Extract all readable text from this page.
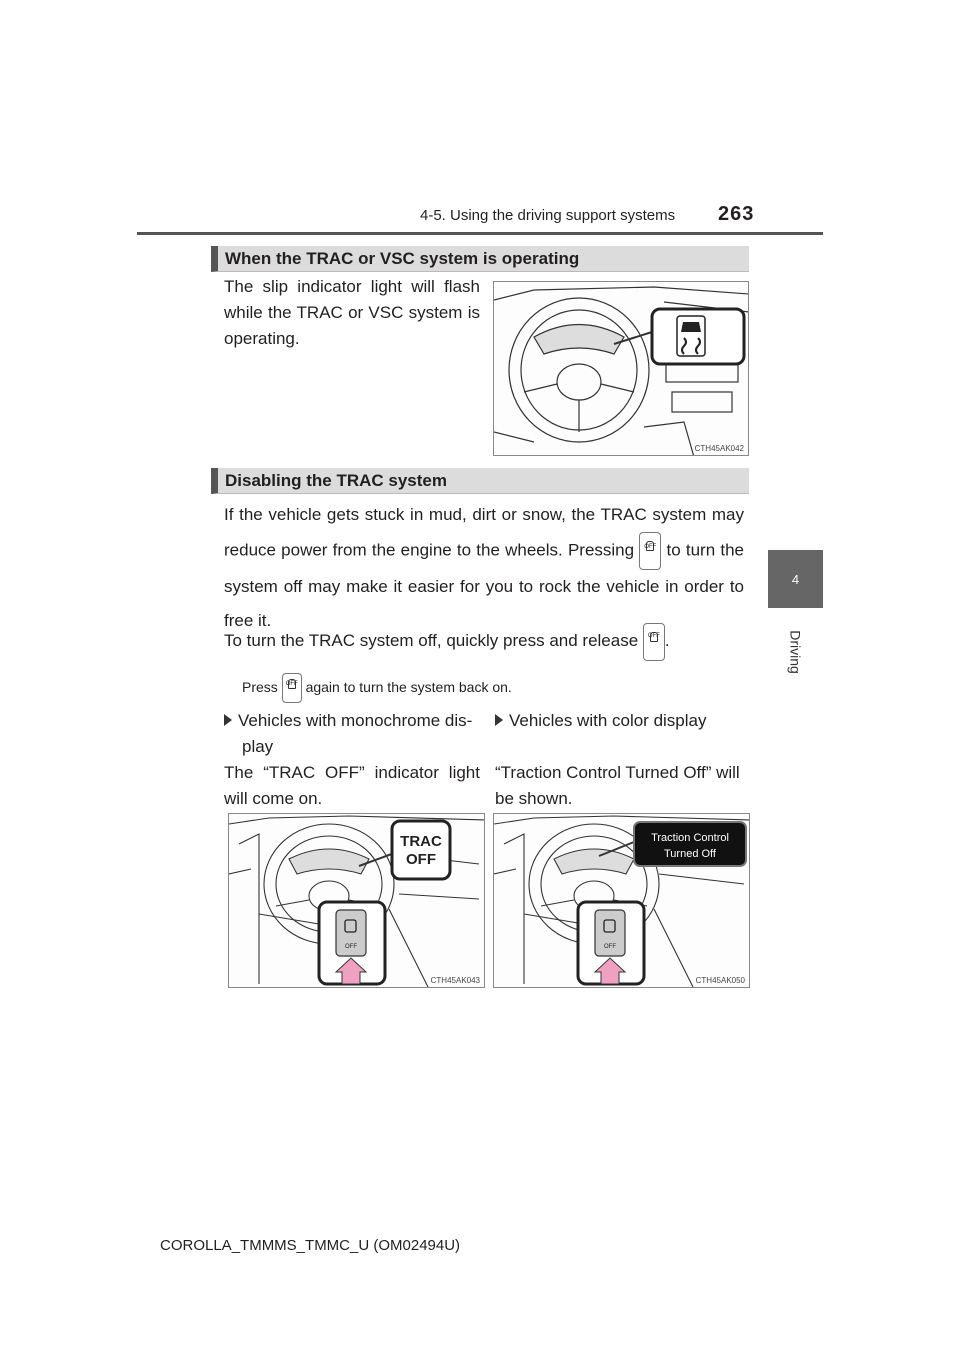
4-5. Using the driving support systems 263
4
Driving
When the TRAC or VSC system is operating
The slip indicator light will flash while the TRAC or VSC system is operating.
CTH45AK042
Disabling the TRAC system
If the vehicle gets stuck in mud, dirt or snow, the TRAC system may reduce power from the engine to the wheels. Pressing	OFF to turn the system off may make it easier for you to rock the vehicle in order to free it.
To turn the TRAC system off, quickly press and release	OFF .
Press	OFF again to turn the system back on.
Vehicles with monochrome dis-
play
The “TRAC OFF” indicator light will come on.
Vehicles with color display
“Traction Control Turned Off” will be shown.
TRAC
OFF
OFF
CTH45AK043
Traction Control
Turned Off
OFF
CTH45AK050
COROLLA_TMMMS_TMMC_U (OM02494U)
